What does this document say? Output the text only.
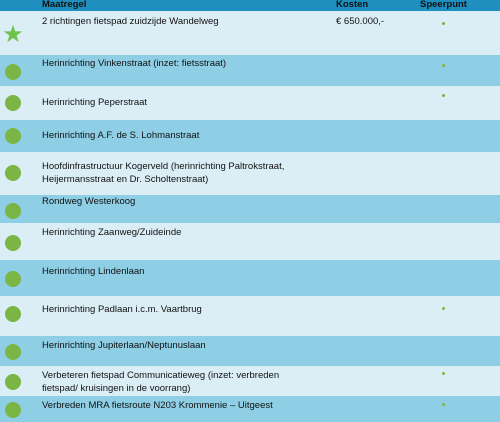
Maatregel	Kosten	Speerpunt
★ 2 richtingen fietspad zuidzijde Wandelweg	€ 650.000,-
Herinrichting Vinkenstraat (inzet: fietsstraat)
Herinrichting Peperstraat
Herinrichting A.F. de S. Lohmanstraat
Hoofdinfrastructuur Kogerveld (herinrichting Paltrokstraat,
Heijermansstraat en Dr. Scholtenstraat)
Rondweg Westerkoog
Herinrichting Zaanweg/Zuideinde
Herinrichting Lindenlaan
Herinrichting Padlaan i.c.m. Vaartbrug
Herinrichting Jupiterlaan/Neptunuslaan
Verbeteren fietspad Communicatieweg (inzet: verbreden
fietspad/ kruisingen in de voorrang)
Verbreden MRA fietsroute N203 Krommenie – Uitgeest
